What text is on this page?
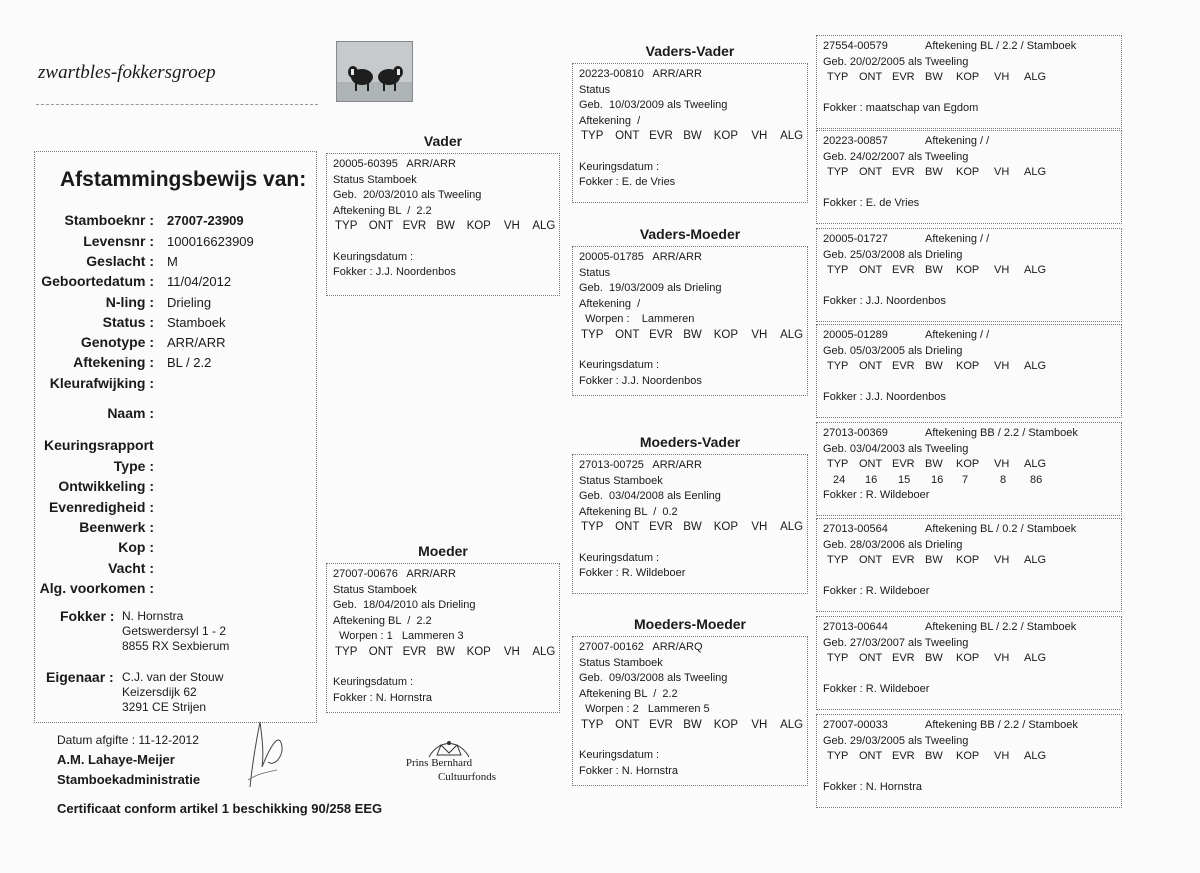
zwartbles-fokkersgroep
Afstammingsbewijs van:
Stamboeknr : 27007-23909
Levensnr : 100016623909
Geslacht : M
Geboortedatum : 11/04/2012
N-ling : Drieling
Status : Stamboek
Genotype : ARR/ARR
Aftekening : BL / 2.2
Kleurafwijking :
Naam :
Keuringsrapport
Type :
Ontwikkeling :
Evenredigheid :
Beenwerk :
Kop :
Vacht :
Alg. voorkomen :
Fokker : N. Hornstra
Getswerdersyl 1 - 2
8855 RX Sexbierum
Eigenaar : C.J. van der Stouw
Keizersdijk 62
3291 CE Strijen
Datum afgifte : 11-12-2012
A.M. Lahaye-Meijer
Stamboekadministratie
Certificaat conform artikel 1 beschikking 90/258 EEG
Prins Bernhard
Cultuurfonds
Vader
20005-60395   ARR/ARR
Status Stamboek
Geb.  20/03/2010 als Tweeling
Aftekening BL  /  2.2
TYP ONT EVR BW	KOP	VH	ALG
Keuringsdatum :
Fokker : J.J. Noordenbos
Moeder
27007-00676   ARR/ARR
Status Stamboek
Geb.  18/04/2010 als Drieling
Aftekening BL  /  2.2
Worpen : 1   Lammeren 3
TYP ONT EVR BW	KOP	VH	ALG
Keuringsdatum :
Fokker : N. Hornstra
Vaders-Vader
20223-00810   ARR/ARR
Status
Geb.  10/03/2009 als Tweeling
Aftekening  /
TYP	ONT EVR BW	KOP	VH	ALG
Keuringsdatum :
Fokker : E. de Vries
Vaders-Moeder
20005-01785   ARR/ARR
Status
Geb.  19/03/2009 als Drieling
Aftekening  /
Worpen :    Lammeren
TYP	ONT EVR BW	KOP	VH	ALG
Keuringsdatum :
Fokker : J.J. Noordenbos
Moeders-Vader
27013-00725   ARR/ARR
Status Stamboek
Geb.  03/04/2008 als Eenling
Aftekening BL  /  0.2
TYP	ONT EVR BW	KOP	VH	ALG
Keuringsdatum :
Fokker : R. Wildeboer
Moeders-Moeder
27007-00162   ARR/ARQ
Status Stamboek
Geb.  09/03/2008 als Tweeling
Aftekening BL  /  2.2
Worpen : 2   Lammeren 5
TYP	ONT EVR BW	KOP	VH	ALG
Keuringsdatum :
Fokker : N. Hornstra
27554-00579	Aftekening BL / 2.2 / Stamboek
Geb. 20/02/2005 als Tweeling
TYP ONT EVR BW KOP VH ALG
Fokker : maatschap van Egdom
20223-00857	Aftekening / /
Geb. 24/02/2007 als Tweeling
TYP ONT EVR BW KOP VH ALG
Fokker : E. de Vries
20005-01727	Aftekening / /
Geb. 25/03/2008 als Drieling
TYP ONT EVR BW KOP VH ALG
Fokker : J.J. Noordenbos
20005-01289	Aftekening / /
Geb. 05/03/2005 als Drieling
TYP ONT EVR BW KOP VH ALG
Fokker : J.J. Noordenbos
27013-00369	Aftekening BB / 2.2 / Stamboek
Geb. 03/04/2003 als Tweeling
TYP ONT EVR BW KOP VH ALG
24 16 15 16 7	8 86
Fokker : R. Wildeboer
27013-00564	Aftekening BL / 0.2 / Stamboek
Geb. 28/03/2006 als Drieling
TYP ONT EVR BW KOP VH ALG
Fokker : R. Wildeboer
27013-00644	Aftekening BL / 2.2 / Stamboek
Geb. 27/03/2007 als Tweeling
TYP ONT EVR BW KOP VH ALG
Fokker : R. Wildeboer
27007-00033	Aftekening BB / 2.2 / Stamboek
Geb. 29/03/2005 als Tweeling
TYP ONT EVR BW KOP VH ALG
Fokker : N. Hornstra
